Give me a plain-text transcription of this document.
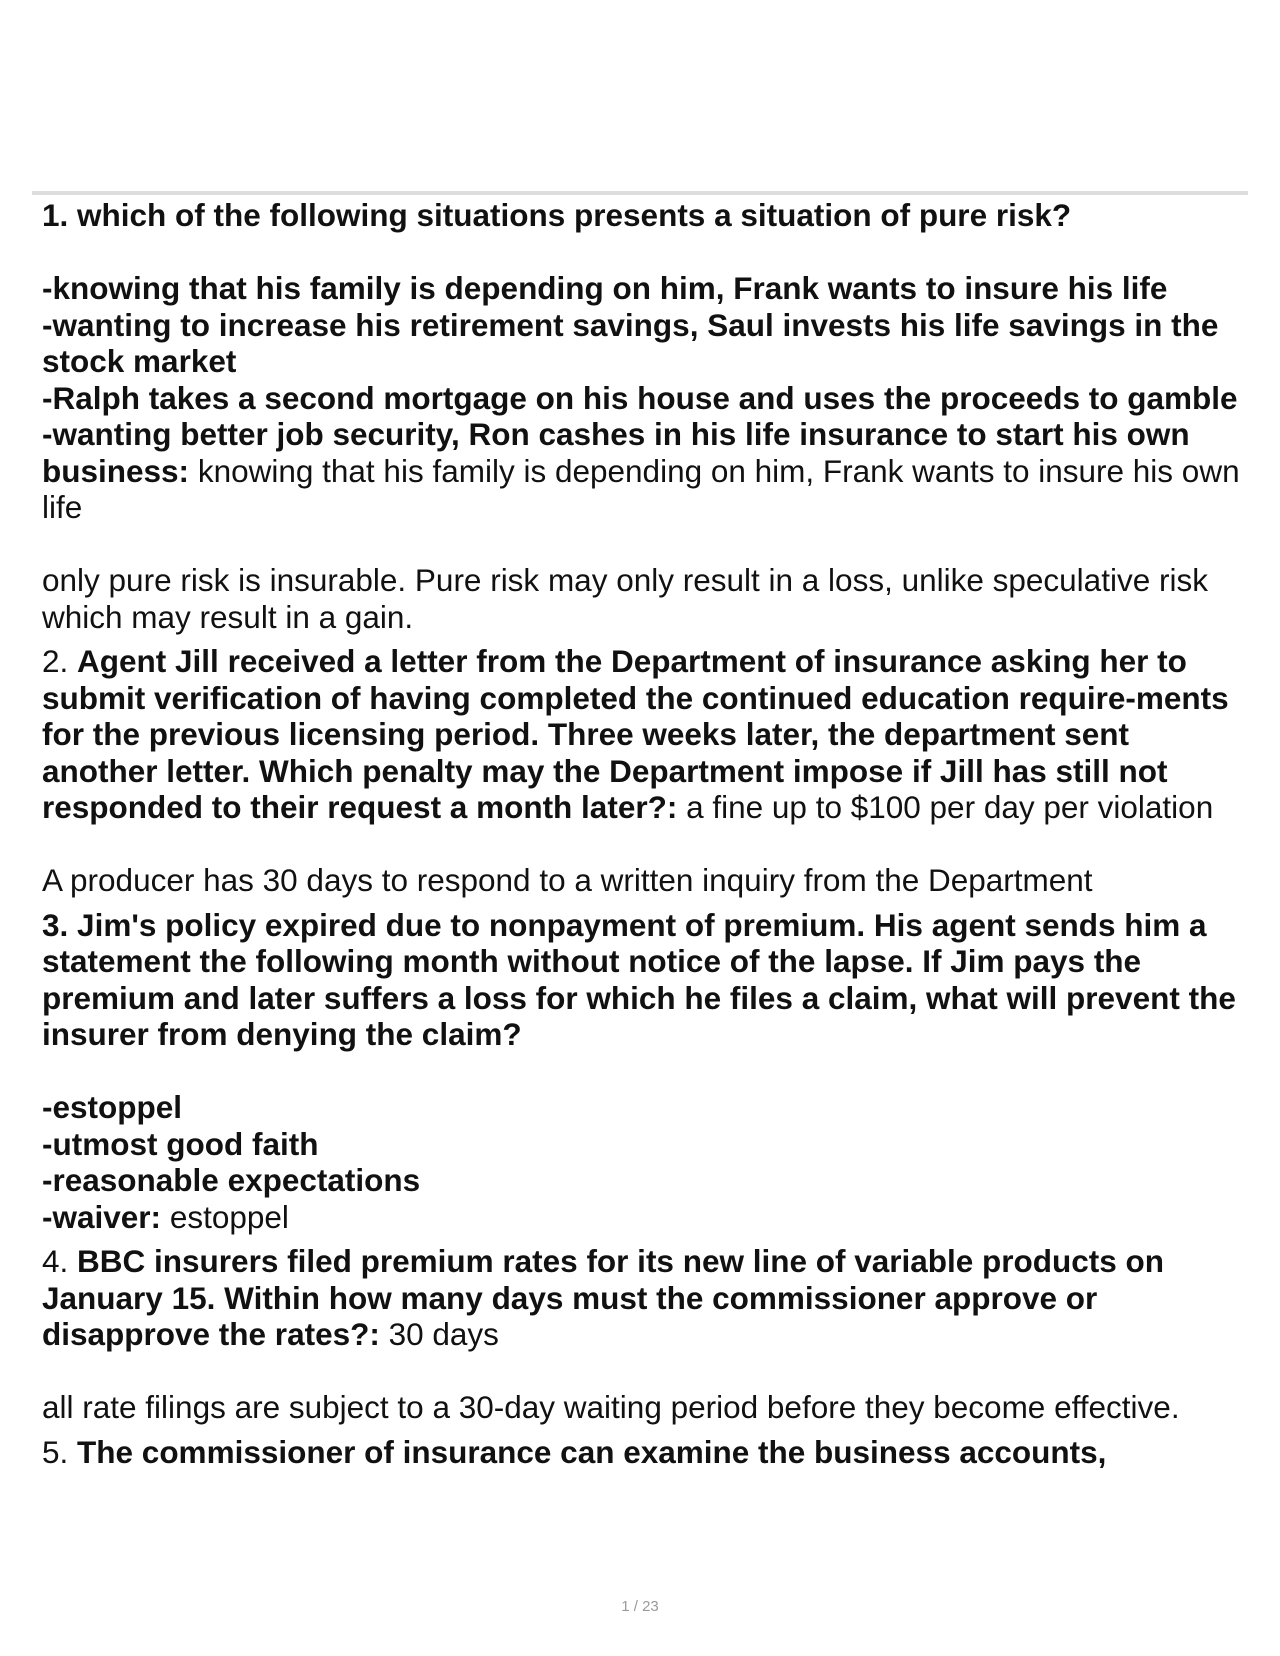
1. which of the following situations presents a situation of pure risk?

-knowing that his family is depending on him, Frank wants to insure his life

-wanting to increase his retirement savings, Saul invests his life savings in the stock market

-Ralph takes a second mortgage on his house and uses the proceeds to gamble

-wanting better job security, Ron cashes in his life insurance to start his own business: knowing that his family is depending on him, Frank wants to insure his own life

only pure risk is insurable. Pure risk may only result in a loss, unlike speculative risk which may result in a gain.

2. Agent Jill received a letter from the Department of insurance asking her to submit verification of having completed the continued education require-ments for the previous licensing period. Three weeks later, the department sent another letter. Which penalty may the Department impose if Jill has still not responded to their request a month later?: a fine up to $100 per day per violation

A producer has 30 days to respond to a written inquiry from the Department

3. Jim's policy expired due to nonpayment of premium. His agent sends him a statement the following month without notice of the lapse. If Jim pays the premium and later suffers a loss for which he files a claim, what will prevent the insurer from denying the claim?

-estoppel

-utmost good faith

-reasonable expectations

-waiver: estoppel

4. BBC insurers filed premium rates for its new line of variable products on January 15. Within how many days must the commissioner approve or disapprove the rates?: 30 days

all rate filings are subject to a 30-day waiting period before they become effective.

5. The commissioner of insurance can examine the business accounts,

1 / 23
